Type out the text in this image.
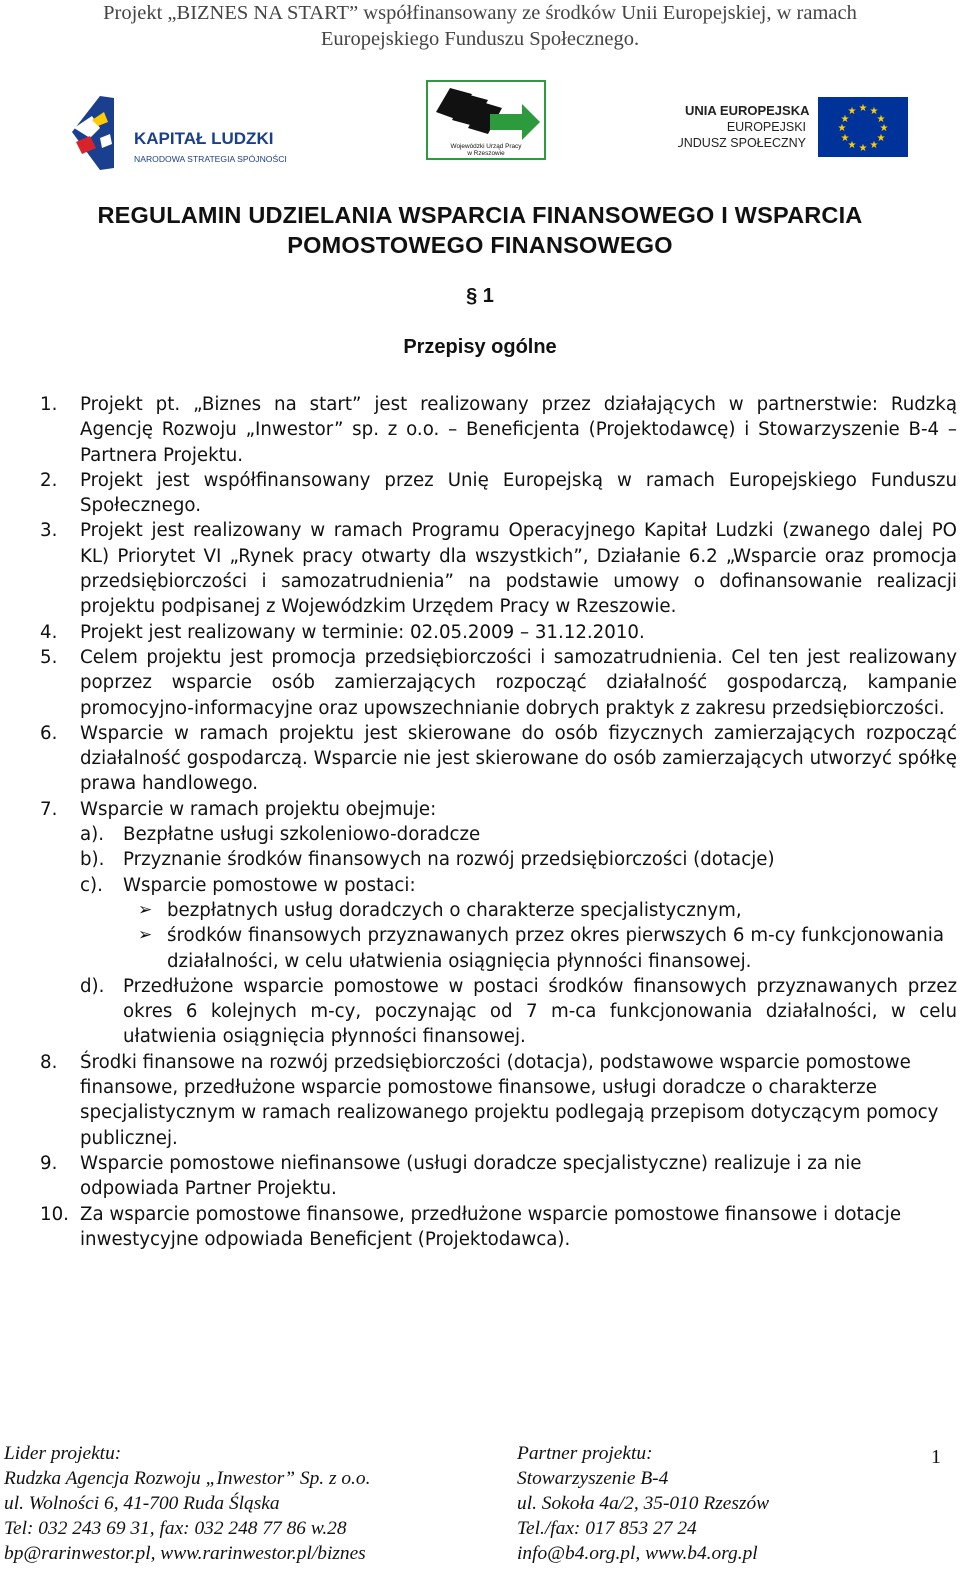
Projekt „BIZNES NA START” współfinansowany ze środków Unii Europejskiej, w ramach
Europejskiego Funduszu Społecznego.
KAPITAŁ LUDZKI
NARODOWA STRATEGIA SPÓJNOŚCI
Wojewódzki Urząd Pracy
w Rzeszowie
UNIA EUROPEJSKA
EUROPEJSKI
FUNDUSZ SPOŁECZNY
★ ★
★
★
★
★
★
★
★
★
★
★
REGULAMIN UDZIELANIA WSPARCIA FINANSOWEGO I WSPARCIA
POMOSTOWEGO FINANSOWEGO
§ 1
Przepisy ogólne
1. Projekt pt. „Biznes na start” jest realizowany przez działających w partnerstwie: Rudzką Agencję Rozwoju „Inwestor” sp. z o.o. – Beneficjenta (Projektodawcę) i Stowarzyszenie B-4 – Partnera Projektu.
2. Projekt jest współfinansowany przez Unię Europejską w ramach Europejskiego Funduszu Społecznego.
3. Projekt jest realizowany w ramach Programu Operacyjnego Kapitał Ludzki (zwanego dalej PO KL) Priorytet VI „Rynek pracy otwarty dla wszystkich”, Działanie 6.2 „Wsparcie oraz promocja przedsiębiorczości i samozatrudnienia” na podstawie umowy o dofinansowanie realizacji projektu podpisanej z Wojewódzkim Urzędem Pracy w Rzeszowie.
4. Projekt jest realizowany w terminie: 02.05.2009 – 31.12.2010.
5. Celem projektu jest promocja przedsiębiorczości i samozatrudnienia. Cel ten jest realizowany poprzez wsparcie osób zamierzających rozpocząć działalność gospodarczą, kampanie promocyjno-informacyjne oraz upowszechnianie dobrych praktyk z zakresu przedsiębiorczości.
6. Wsparcie w ramach projektu jest skierowane do osób fizycznych zamierzających rozpocząć działalność gospodarczą. Wsparcie nie jest skierowane do osób zamierzających utworzyć spółkę prawa handlowego.
7. Wsparcie w ramach projektu obejmuje:
a). Bezpłatne usługi szkoleniowo-doradcze
b). Przyznanie środków finansowych na rozwój przedsiębiorczości (dotacje)
c). Wsparcie pomostowe w postaci:
➢ bezpłatnych usług doradczych o charakterze specjalistycznym,
➢ środków finansowych przyznawanych przez okres pierwszych 6 m-cy funkcjonowania działalności, w celu ułatwienia osiągnięcia płynności finansowej.
d). Przedłużone wsparcie pomostowe w postaci środków finansowych przyznawanych przez okres 6 kolejnych m-cy, poczynając od 7 m-ca funkcjonowania działalności, w celu ułatwienia osiągnięcia płynności finansowej.
8. Środki finansowe na rozwój przedsiębiorczości (dotacja), podstawowe wsparcie pomostowe finansowe, przedłużone wsparcie pomostowe finansowe, usługi doradcze o charakterze specjalistycznym w ramach realizowanego projektu podlegają przepisom dotyczącym pomocy publicznej.
9. Wsparcie pomostowe niefinansowe (usługi doradcze specjalistyczne) realizuje i za nie odpowiada Partner Projektu.
10. Za wsparcie pomostowe finansowe, przedłużone wsparcie pomostowe finansowe i dotacje inwestycyjne odpowiada Beneficjent (Projektodawca).
Lider projektu:
Rudzka Agencja Rozwoju „Inwestor” Sp. z o.o.
ul. Wolności 6, 41-700 Ruda Śląska
Tel: 032 243 69 31, fax: 032 248 77 86 w.28
bp@rarinwestor.pl, www.rarinwestor.pl/biznes
Partner projektu:
Stowarzyszenie B-4
ul. Sokoła 4a/2, 35-010 Rzeszów
Tel./fax: 017 853 27 24
info@b4.org.pl, www.b4.org.pl
1
